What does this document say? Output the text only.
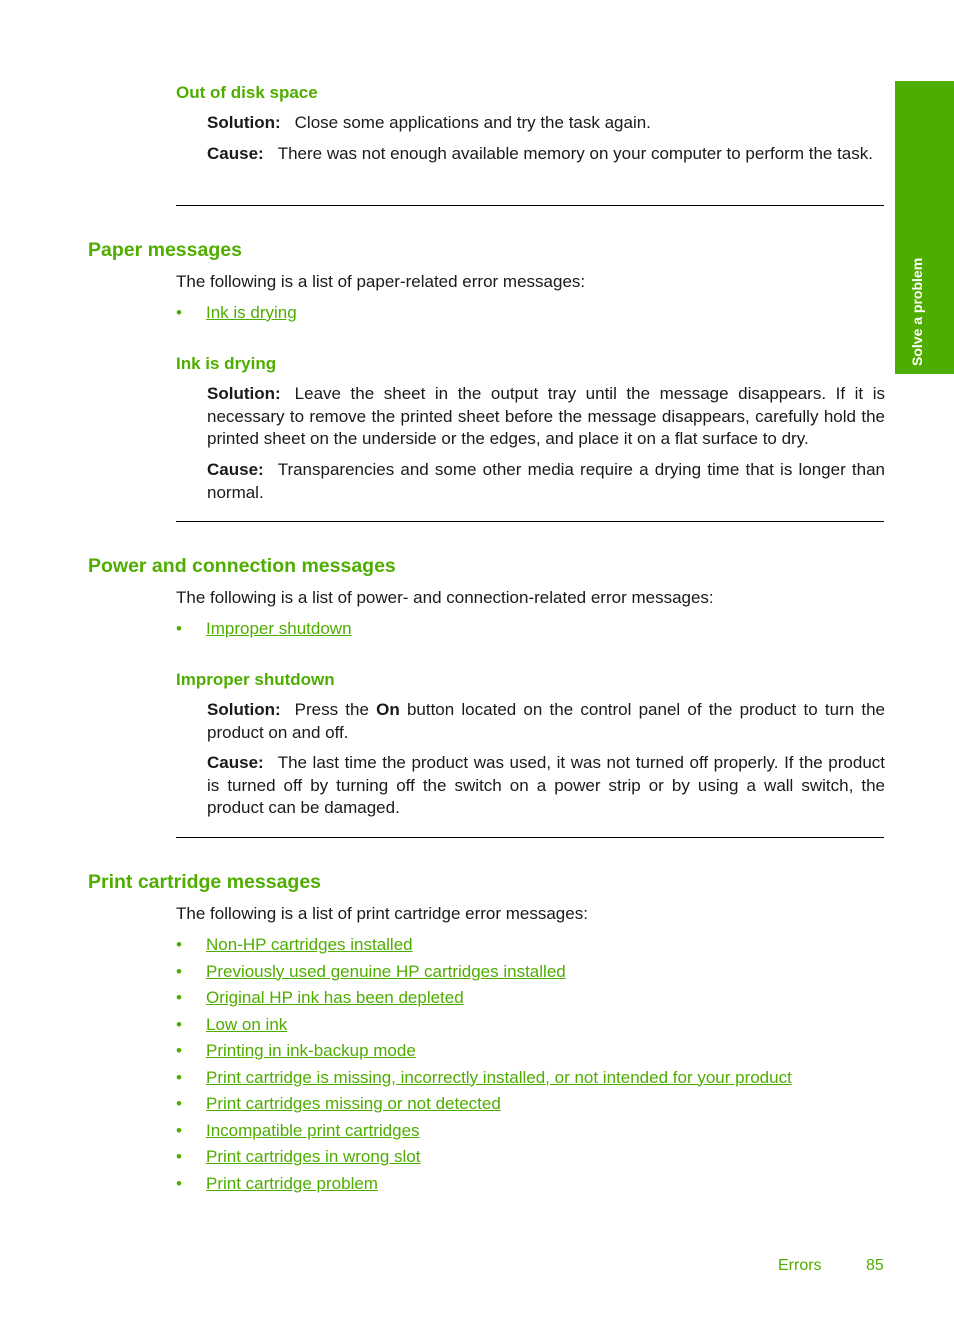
Solve a problem
Out of disk space

Solution: Close some applications and try the task again.

Cause: There was not enough available memory on your computer to perform the task.

Paper messages

The following is a list of paper-related error messages:

• Ink is drying
Ink is drying

Solution: Leave the sheet in the output tray until the message disappears. If it is necessary to remove the printed sheet before the message disappears, carefully hold the printed sheet on the underside or the edges, and place it on a flat surface to dry.

Cause: Transparencies and some other media require a drying time that is longer than normal.

Power and connection messages

The following is a list of power- and connection-related error messages:

• Improper shutdown
Improper shutdown

Solution: Press the On button located on the control panel of the product to turn the product on and off.

Cause: The last time the product was used, it was not turned off properly. If the product is turned off by turning off the switch on a power strip or by using a wall switch, the product can be damaged.

Print cartridge messages

The following is a list of print cartridge error messages:

• Non-HP cartridges installed
• Previously used genuine HP cartridges installed
• Original HP ink has been depleted
• Low on ink
• Printing in ink-backup mode
• Print cartridge is missing, incorrectly installed, or not intended for your product
• Print cartridges missing or not detected
• Incompatible print cartridges
• Print cartridges in wrong slot
• Print cartridge problem
Errors	85
